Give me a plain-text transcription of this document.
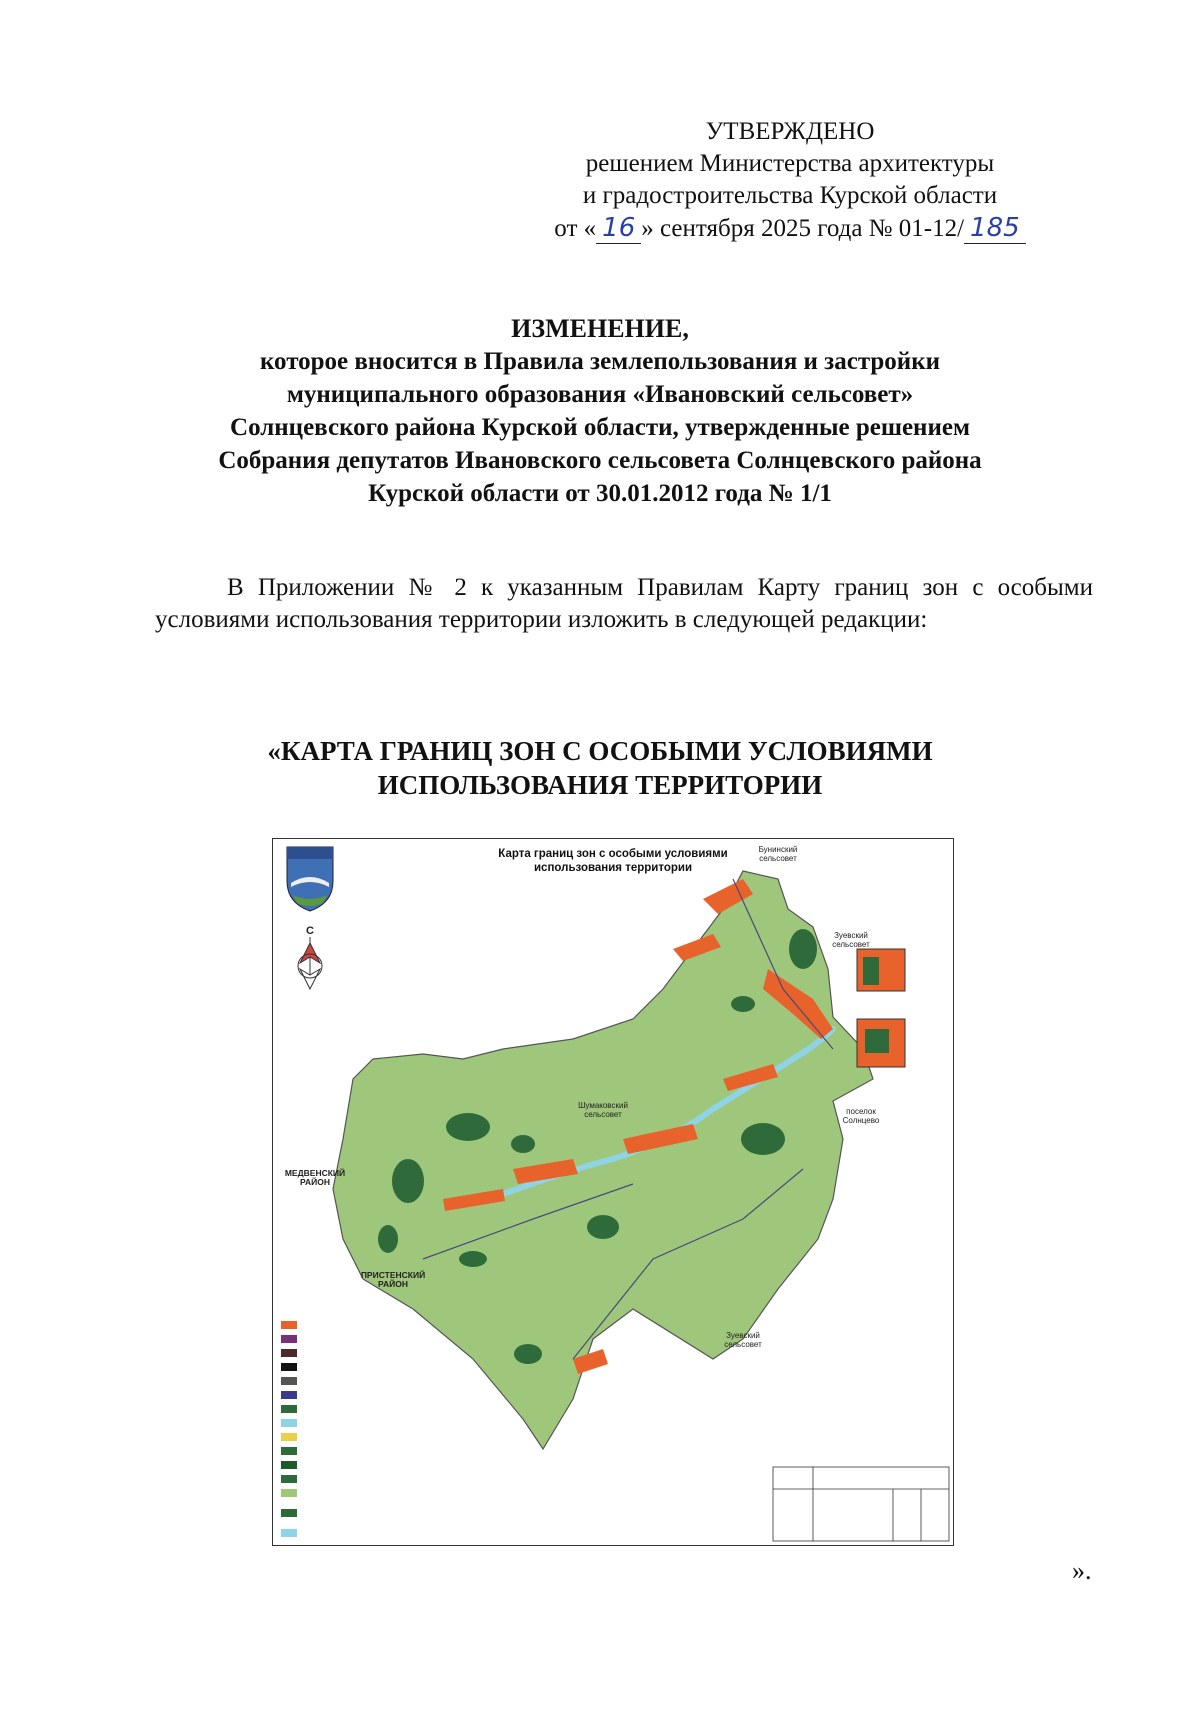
УТВЕРЖДЕНО
решением Министерства архитектуры
и градостроительства Курской области
от « 16 » сентября 2025 года № 01-12/ 185
ИЗМЕНЕНИЕ,
которое вносится в Правила землепользования и застройки
муниципального образования «Ивановский сельсовет»
Солнцевского района Курской области, утвержденные решением
Собрания депутатов Ивановского сельсовета Солнцевского района
Курской области от 30.01.2012 года № 1/1
В Приложении № 2 к указанным Правилам Карту границ зон с особыми условиями использования территории изложить в следующей редакции:
«КАРТА ГРАНИЦ ЗОН С ОСОБЫМИ УСЛОВИЯМИ
ИСПОЛЬЗОВАНИЯ ТЕРРИТОРИИ
С
Карта границ зон с особыми условиями
использования территории
Бунинский сельсовет
Зуевский сельсовет
Шумаковский сельсовет	поселок Солнцево
МЕДВЕНСКИЙ РАЙОН
ПРИСТЕНСКИЙ РАЙОН
Зуевский сельсовет
».
